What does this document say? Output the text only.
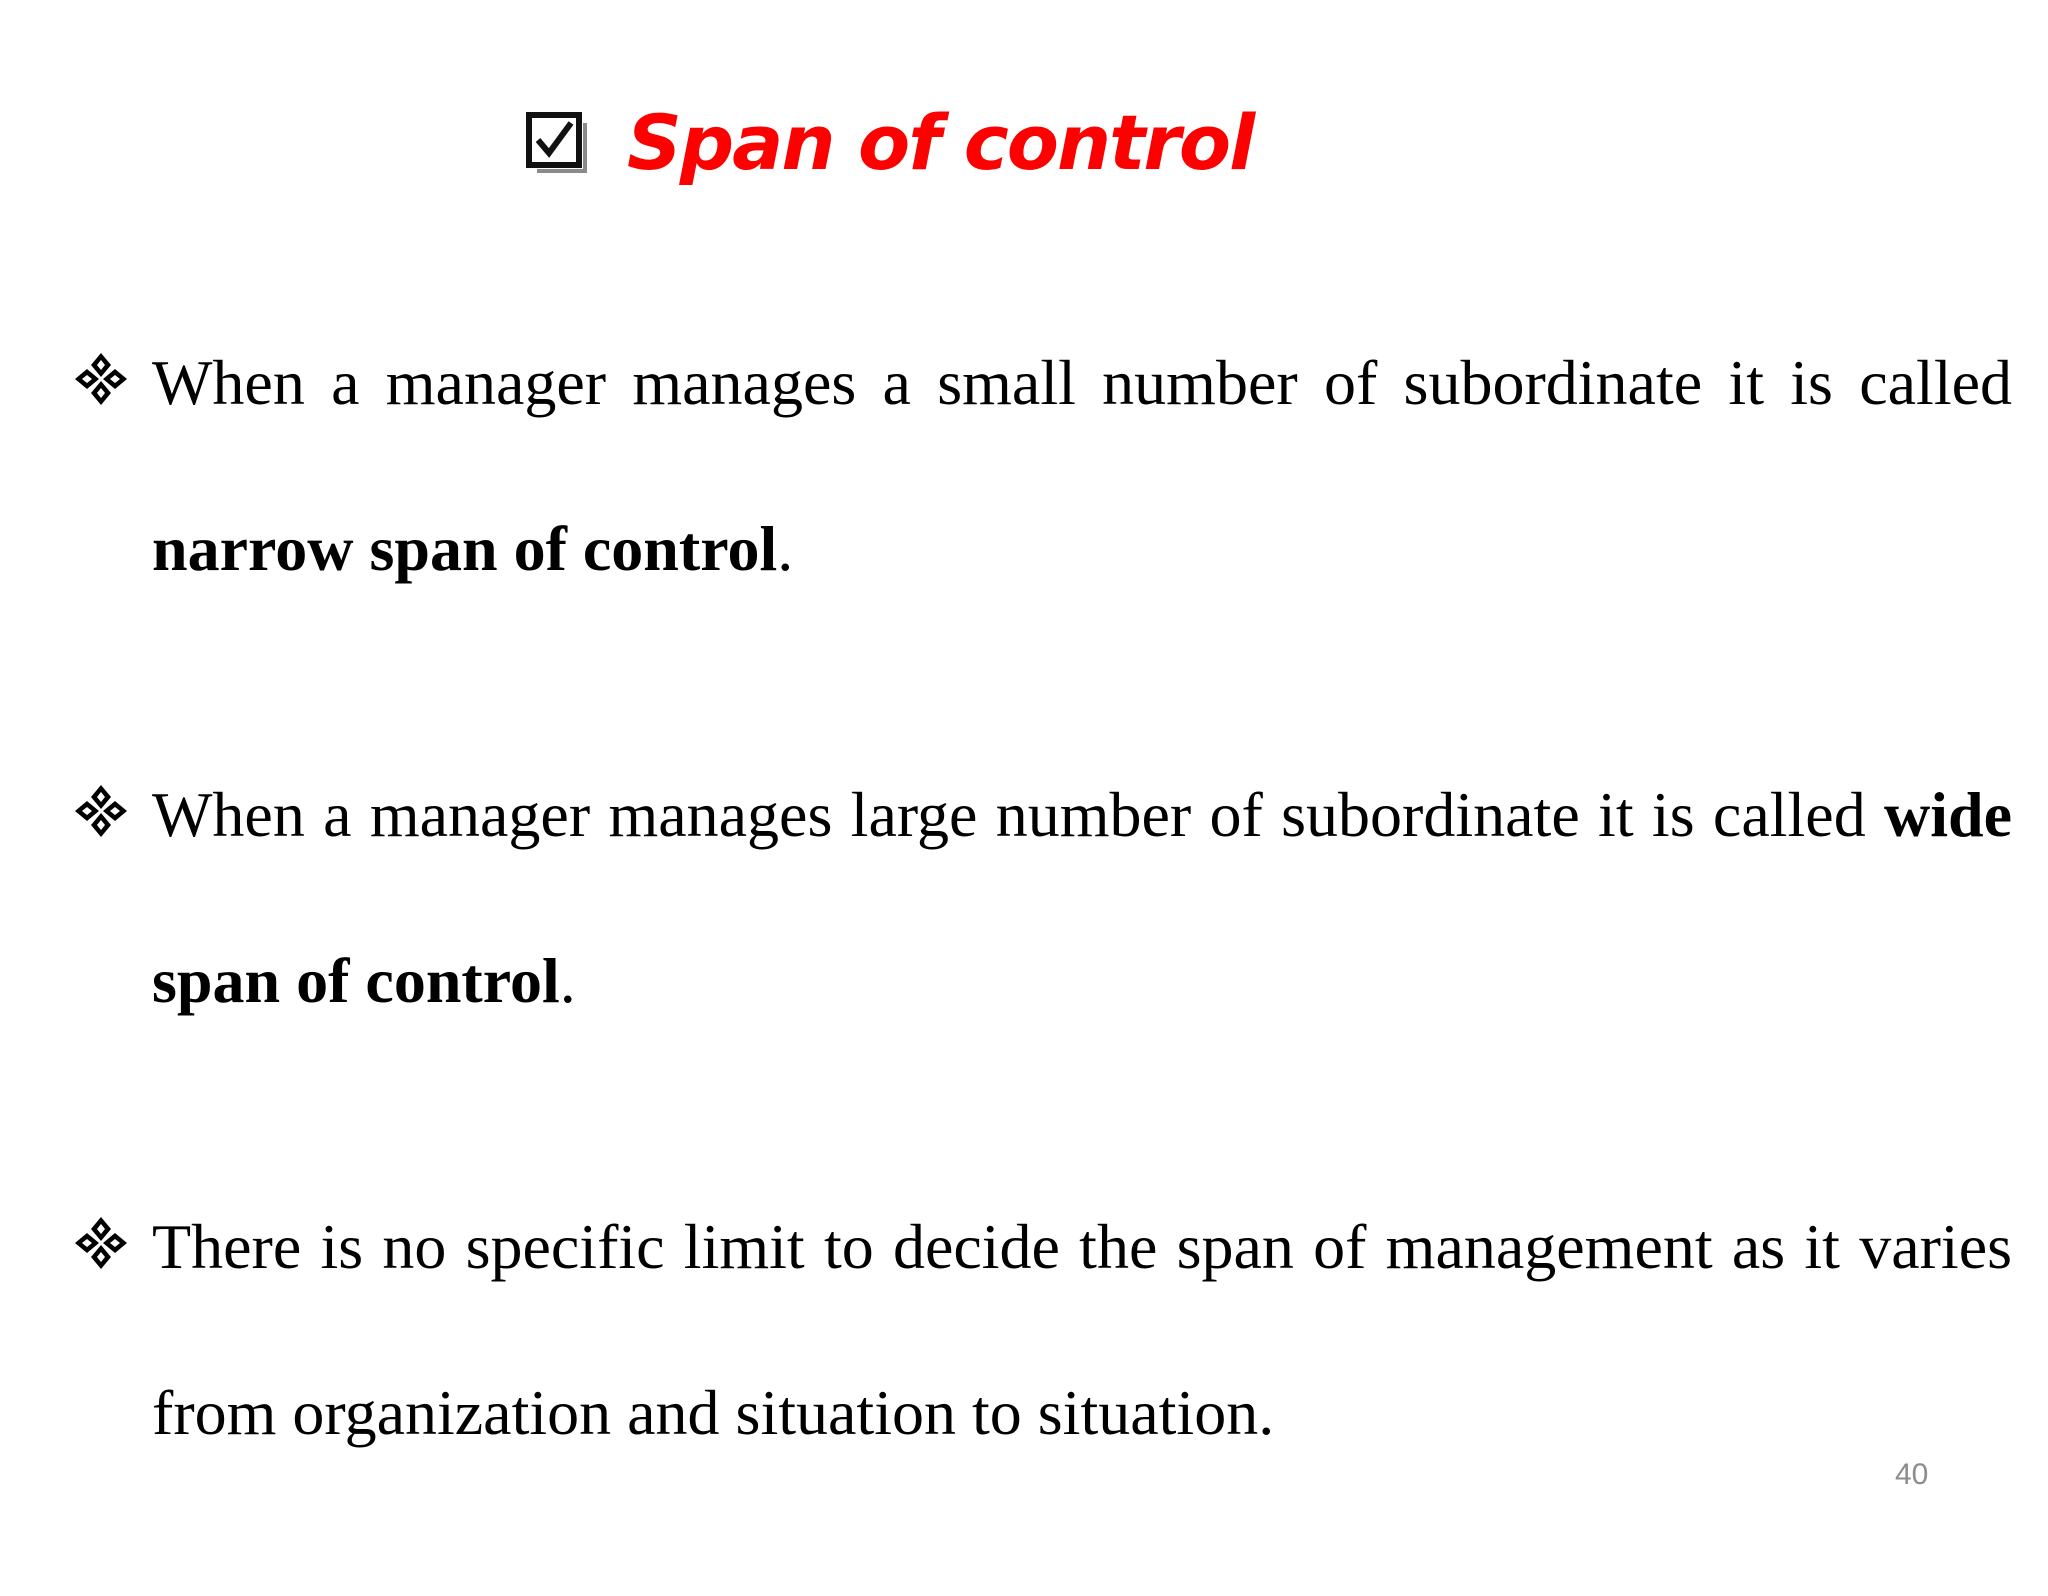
Span of control

When a manager manages a small number of subordinate it is called narrow span of control.

When a manager manages large number of subordinate it is called wide span of control.

There is no specific limit to decide the span of management as it varies from organization and situation to situation.

40
